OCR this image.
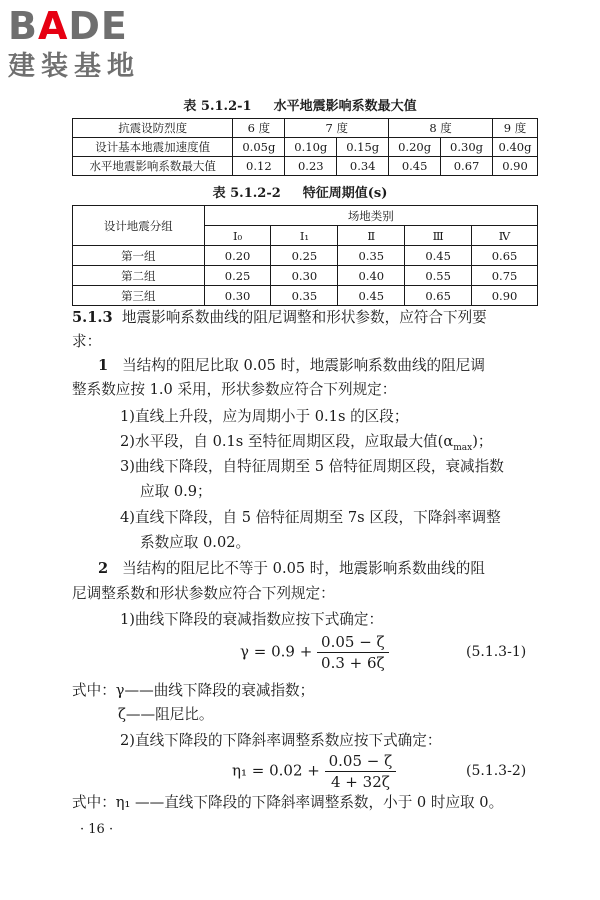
BADE
建装基地
表 5.1.2-1 水平地震影响系数最大值
抗震设防烈度	6 度	7 度		8 度		9 度
设计基本地震加速度值	0.05g	0.10g	0.15g	0.20g	0.30g	0.40g
水平地震影响系数最大值	0.12	0.23	0.34	0.45	0.67	0.90
表 5.1.2-2 特征周期值(s)
设计地震分组	场地类别				
	Ⅰ₀	Ⅰ₁	Ⅱ	Ⅲ	Ⅳ
第一组	0.20	0.25	0.35	0.45	0.65
第二组	0.25	0.30	0.40	0.55	0.75
第三组	0.30	0.35	0.45	0.65	0.90
5.1.3 地震影响系数曲线的阻尼调整和形状参数，应符合下列要
求：
1 当结构的阻尼比取 0.05 时，地震影响系数曲线的阻尼调
整系数应按 1.0 采用，形状参数应符合下列规定：
1)直线上升段，应为周期小于 0.1s 的区段；
2)水平段，自 0.1s 至特征周期区段，应取最大值$(\alpha_{max})$；
3)曲线下降段，自特征周期至 5 倍特征周期区段，衰减指数
应取 0.9；
4)直线下降段，自 5 倍特征周期至 7s 区段，下降斜率调整
系数应取 0.02。
2 当结构的阻尼比不等于 0.05 时，地震影响系数曲线的阻
尼调整系数和形状参数应符合下列规定：
1)曲线下降段的衰减指数应按下式确定：
$\gamma = 0.9 + \frac{0.05 - \zeta}{0.3 + 6\zeta}$	(5.1.3-1)
式中：γ——曲线下降段的衰减指数；
ζ——阻尼比。
2)直线下降段的下降斜率调整系数应按下式确定：
$\eta_1 = 0.02 + \frac{0.05 - \zeta}{4 + 32\zeta}$	(5.1.3-2)
式中：η₁ ——直线下降段的下降斜率调整系数，小于 0 时应取 0。
· 16 ·
